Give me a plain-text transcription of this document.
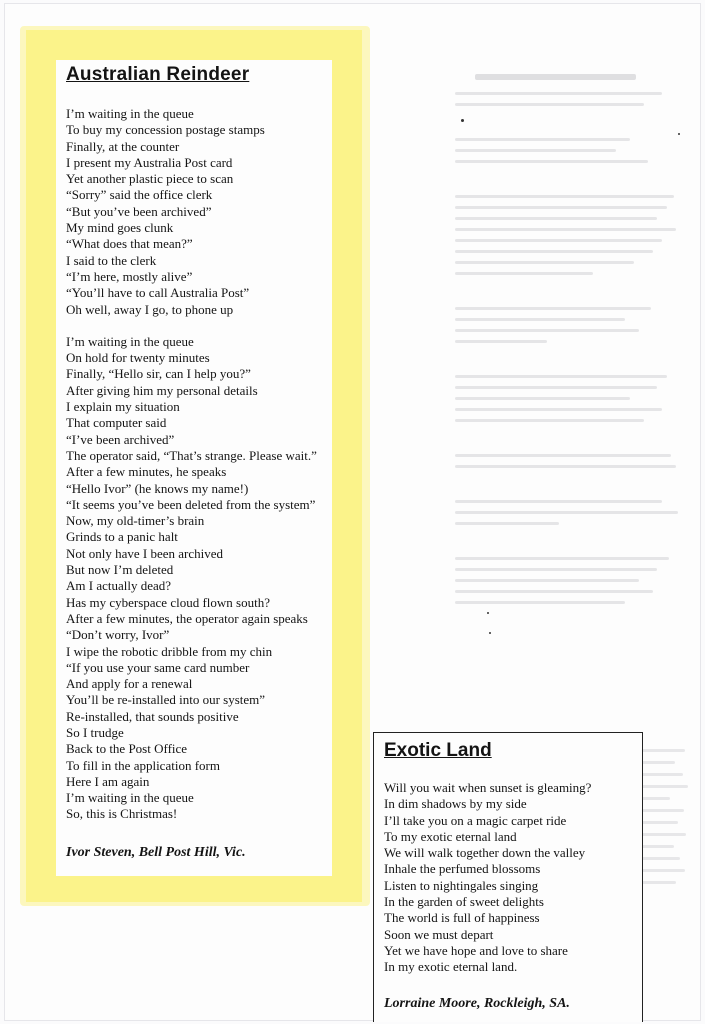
Australian Reindeer
I’m waiting in the queue
To buy my concession postage stamps
Finally, at the counter
I present my Australia Post card
Yet another plastic piece to scan
“Sorry” said the office clerk
“But you’ve been archived”
My mind goes clunk
“What does that mean?”
I said to the clerk
“I’m here, mostly alive”
“You’ll have to call Australia Post”
Oh well, away I go, to phone up
I’m waiting in the queue
On hold for twenty minutes
Finally, “Hello sir, can I help you?”
After giving him my personal details
I explain my situation
That computer said
“I’ve been archived”
The operator said, “That’s strange. Please wait.”
After a few minutes, he speaks
“Hello Ivor” (he knows my name!)
“It seems you’ve been deleted from the system”
Now, my old-timer’s brain
Grinds to a panic halt
Not only have I been archived
But now I’m deleted
Am I actually dead?
Has my cyberspace cloud flown south?
After a few minutes, the operator again speaks
“Don’t worry, Ivor”
I wipe the robotic dribble from my chin
“If you use your same card number
And apply for a renewal
You’ll be re-installed into our system”
Re-installed, that sounds positive
So I trudge
Back to the Post Office
To fill in the application form
Here I am again
I’m waiting in the queue
So, this is Christmas!
Ivor Steven, Bell Post Hill, Vic.
Exotic Land
Will you wait when sunset is gleaming?
In dim shadows by my side
I’ll take you on a magic carpet ride
To my exotic eternal land
We will walk together down the valley
Inhale the perfumed blossoms
Listen to nightingales singing
In the garden of sweet delights
The world is full of happiness
Soon we must depart
Yet we have hope and love to share
In my exotic eternal land.
Lorraine Moore, Rockleigh, SA.
